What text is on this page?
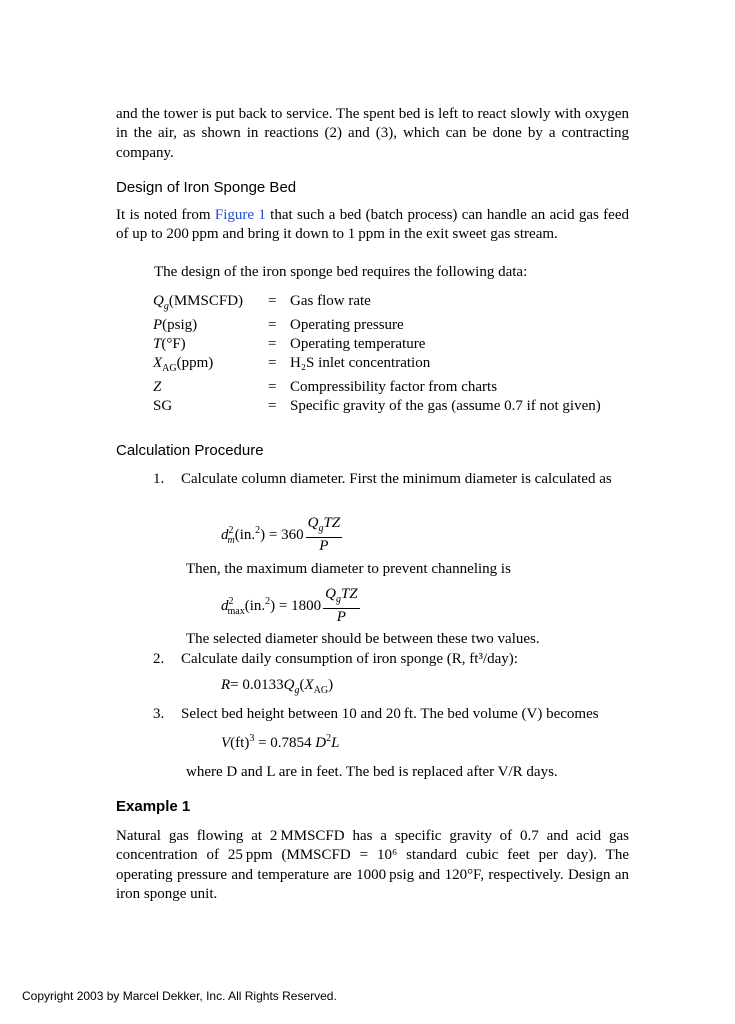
and the tower is put back to service. The spent bed is left to react slowly with oxygen in the air, as shown in reactions (2) and (3), which can be done by a contracting company.

Design of Iron Sponge Bed

It is noted from Figure 1 that such a bed (batch process) can handle an acid gas feed of up to 200 ppm and bring it down to 1 ppm in the exit sweet gas stream.

The design of the iron sponge bed requires the following data:

$Q_g(MMSCFD)$	=	Gas flow rate
P(psig)	=	Operating pressure
T(°F)	=	Operating temperature
$X_{AG}(ppm)$	=	H₂S inlet concentration
Z	=	Compressibility factor from charts
SG	=	Specific gravity of the gas (assume 0.7 if not given)
Calculation Procedure
1. Calculate column diameter. First the minimum diameter is calculated as

$d^2_m(in.^2) = 360 \frac{Q_gTZ}{P}$

Then, the maximum diameter to prevent channeling is

$d^2_{max}(in.^2) = 1800 \frac{Q_gTZ}{P}$

The selected diameter should be between these two values.

2. Calculate daily consumption of iron sponge (R, ft³/day):

$R= 0.0133Q_g(X_{AG})$
3. Select bed height between 10 and 20 ft. The bed volume (V) becomes

V(ft)$^3$ = 0.7854 $D^2L$

where D and L are in feet. The bed is replaced after V/R days.

Example 1

Natural gas flowing at 2 MMSCFD has a specific gravity of 0.7 and acid gas concentration of 25 ppm (MMSCFD = 10⁶ standard cubic feet per day). The operating pressure and temperature are 1000 psig and 120°F, respectively. Design an iron sponge unit.

Copyright 2003 by Marcel Dekker, Inc. All Rights Reserved.
